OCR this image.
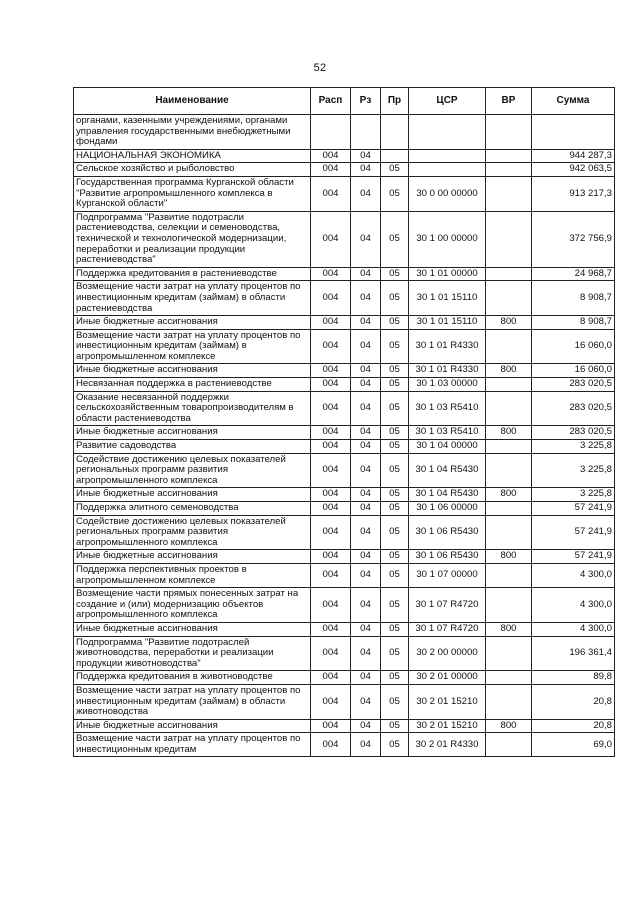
52
Наименование	Расп	Рз	Пр	ЦСР	ВР	Сумма
органами, казенными учреждениями, органами управления государственными внебюджетными фондами						
НАЦИОНАЛЬНАЯ ЭКОНОМИКА	004	04				944 287,3
Сельское хозяйство и рыболовство	004	04	05			942 063,5
Государственная программа Курганской области "Развитие агропромышленного комплекса в Курганской области"	004	04	05	30 0 00 00000		913 217,3
Подпрограмма "Развитие подотрасли растениеводства, селекции и семеноводства, технической и технологической модернизации, переработки и реализации продукции растениеводства"	004	04	05	30 1 00 00000		372 756,9
Поддержка кредитования в растениеводстве	004	04	05	30 1 01 00000		24 968,7
Возмещение части затрат на уплату процентов по инвестиционным кредитам (займам) в области растениеводства	004	04	05	30 1 01 15110		8 908,7
Иные бюджетные ассигнования	004	04	05	30 1 01 15110	800	8 908,7
Возмещение части затрат на уплату процентов по инвестиционным кредитам (займам) в агропромышленном комплексе	004	04	05	30 1 01 R4330		16 060,0
Иные бюджетные ассигнования	004	04	05	30 1 01 R4330	800	16 060,0
Несвязанная поддержка в растениеводстве	004	04	05	30 1 03 00000		283 020,5
Оказание несвязанной поддержки сельскохозяйственным товаропроизводителям в области растениеводства	004	04	05	30 1 03 R5410		283 020,5
Иные бюджетные ассигнования	004	04	05	30 1 03 R5410	800	283 020,5
Развитие садоводства	004	04	05	30 1 04 00000		3 225,8
Содействие достижению целевых показателей региональных программ развития агропромышленного комплекса	004	04	05	30 1 04 R5430		3 225,8
Иные бюджетные ассигнования	004	04	05	30 1 04 R5430	800	3 225,8
Поддержка элитного семеноводства	004	04	05	30 1 06 00000		57 241,9
Содействие достижению целевых показателей региональных программ развития агропромышленного комплекса	004	04	05	30 1 06 R5430		57 241,9
Иные бюджетные ассигнования	004	04	05	30 1 06 R5430	800	57 241,9
Поддержка перспективных проектов в агропромышленном комплексе	004	04	05	30 1 07 00000		4 300,0
Возмещение части прямых понесенных затрат на создание и (или) модернизацию объектов агропромышленного комплекса	004	04	05	30 1 07 R4720		4 300,0
Иные бюджетные ассигнования	004	04	05	30 1 07 R4720	800	4 300,0
Подпрограмма "Развитие подотраслей животноводства, переработки и реализации продукции животноводства"	004	04	05	30 2 00 00000		196 361,4
Поддержка кредитования в животноводстве	004	04	05	30 2 01 00000		89,8
Возмещение части затрат на уплату процентов по инвестиционным кредитам (займам) в области животноводства	004	04	05	30 2 01 15210		20,8
Иные бюджетные ассигнования	004	04	05	30 2 01 15210	800	20,8
Возмещение части затрат на уплату процентов по инвестиционным кредитам	004	04	05	30 2 01 R4330		69,0
